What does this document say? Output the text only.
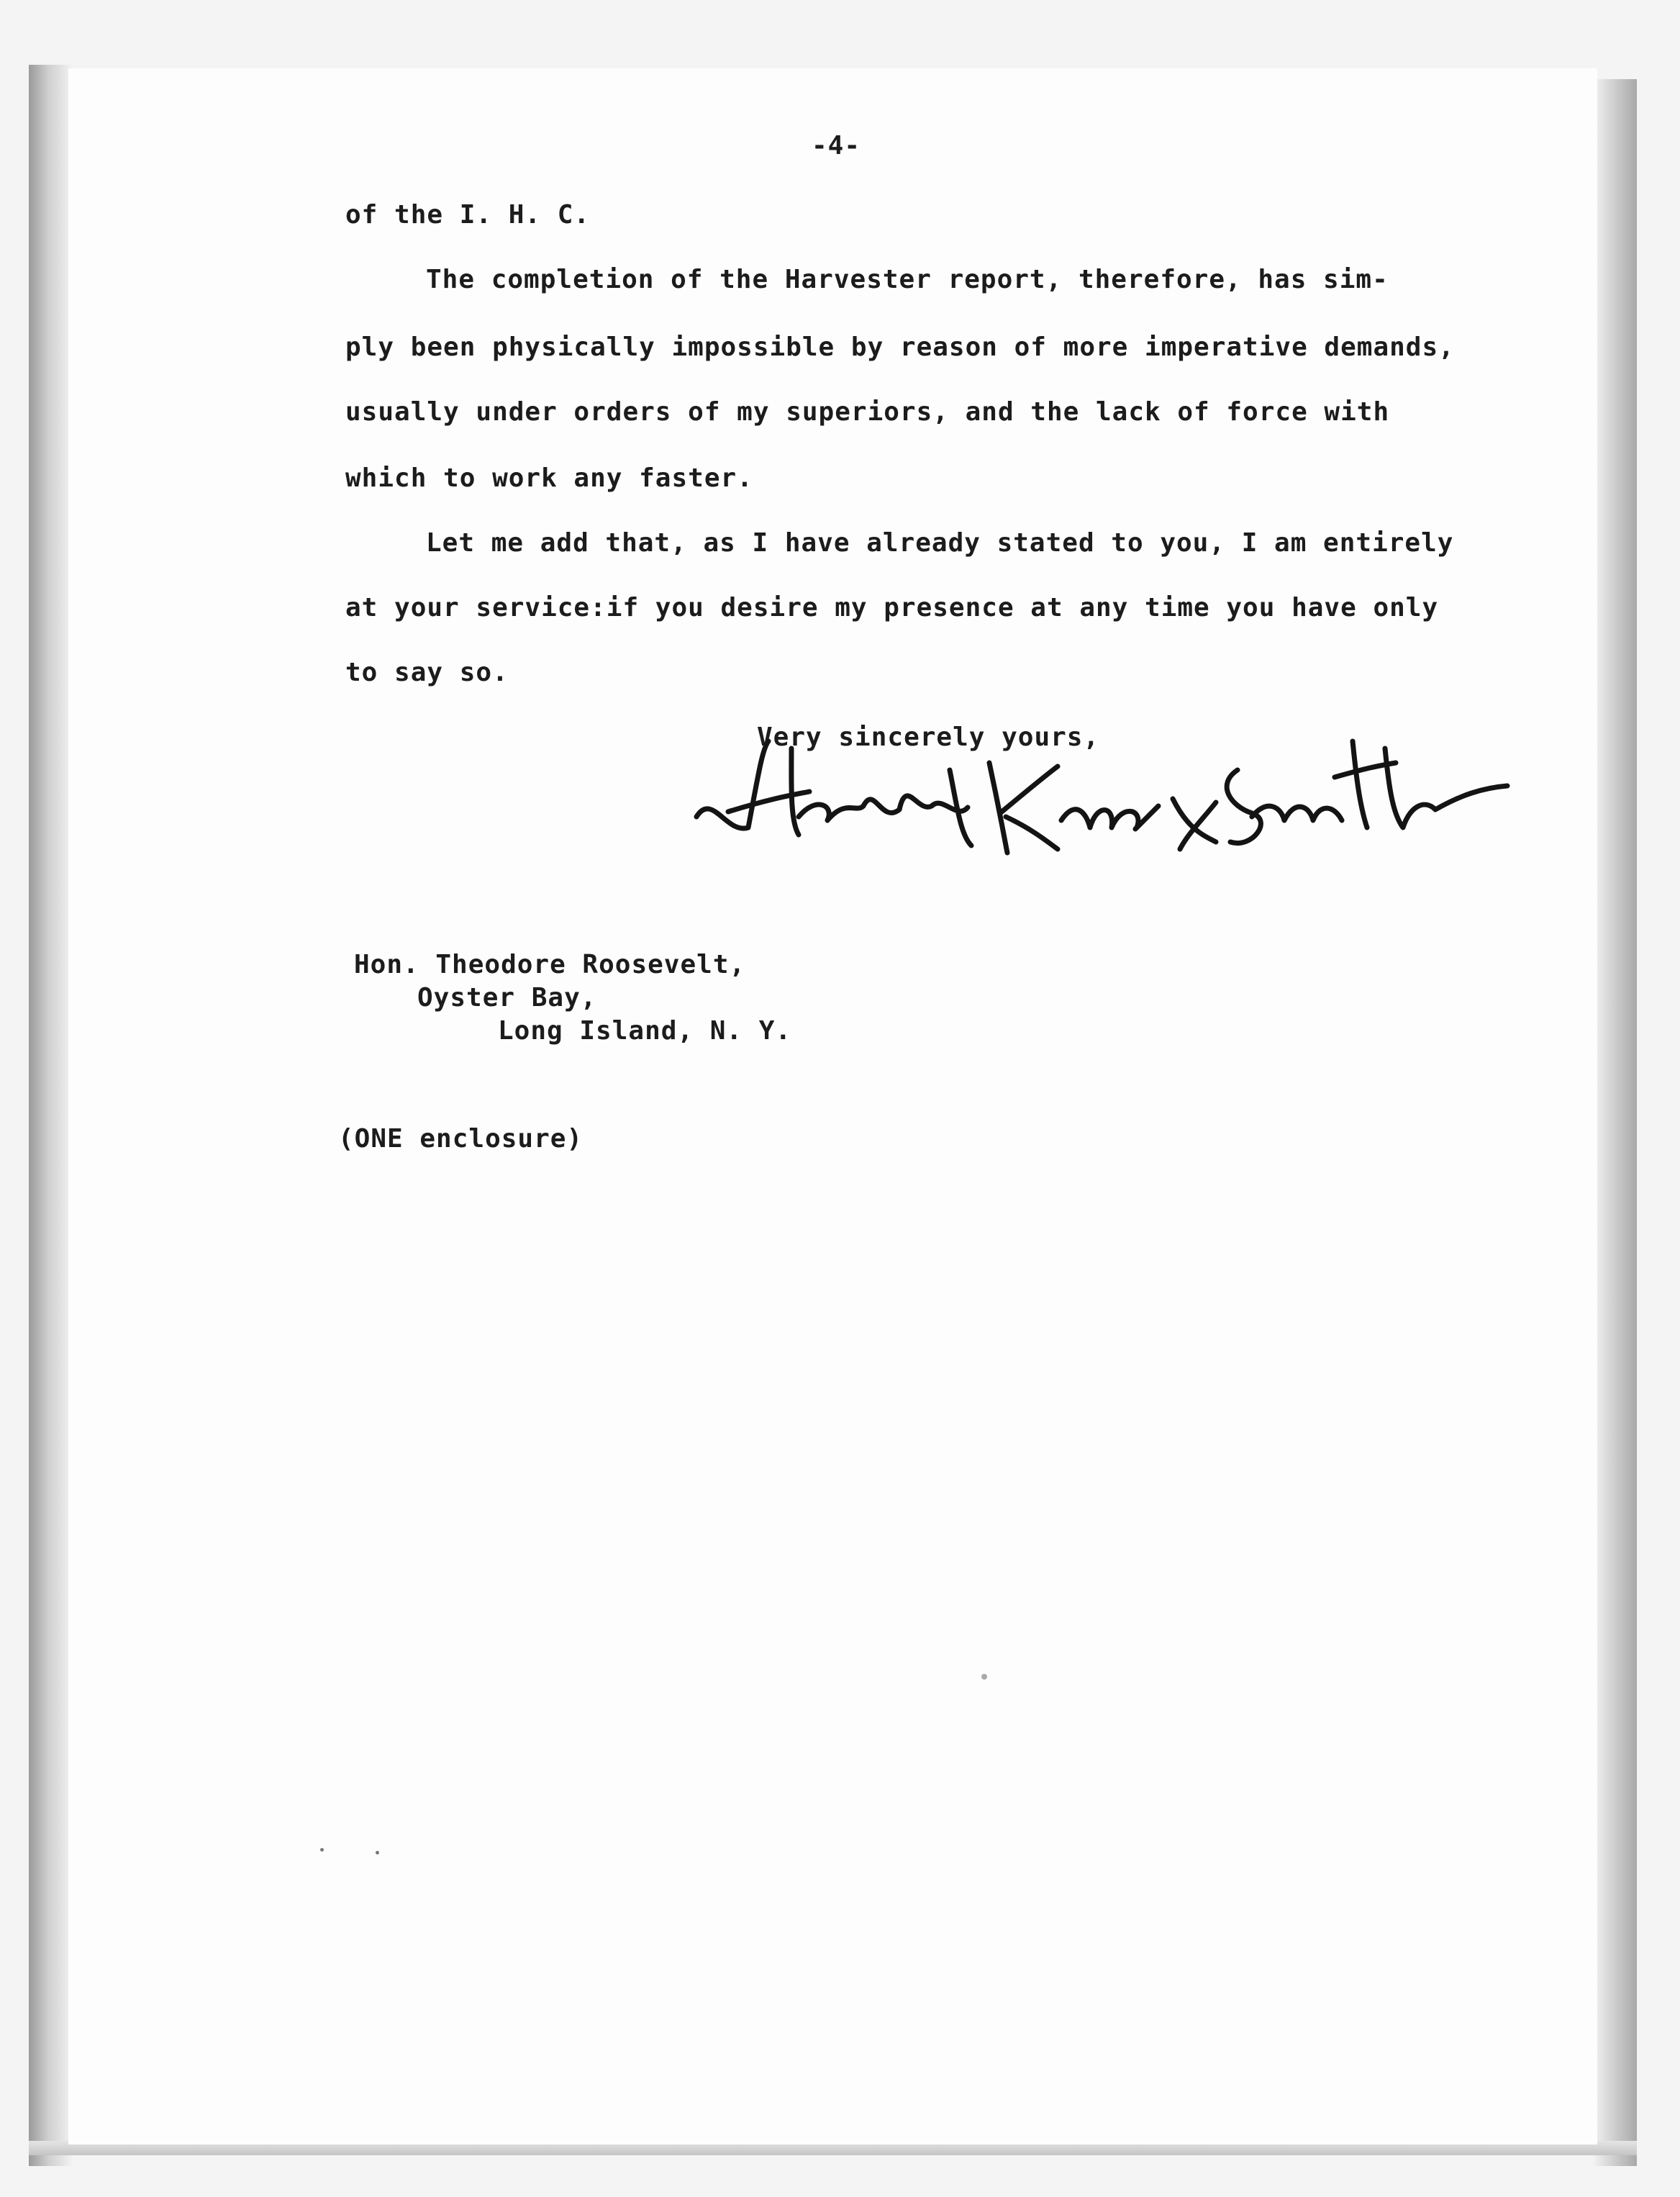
-4-
of the I. H. C.
The completion of the Harvester report, therefore, has sim-
ply been physically impossible by reason of more imperative demands,
usually under orders of my superiors, and the lack of force with
which to work any faster.
Let me add that, as I have already stated to you, I am entirely
at your service:if you desire my presence at any time you have only
to say so.
Very sincerely yours,
Hon. Theodore Roosevelt,
Oyster Bay,
Long Island, N. Y.
(ONE enclosure)
